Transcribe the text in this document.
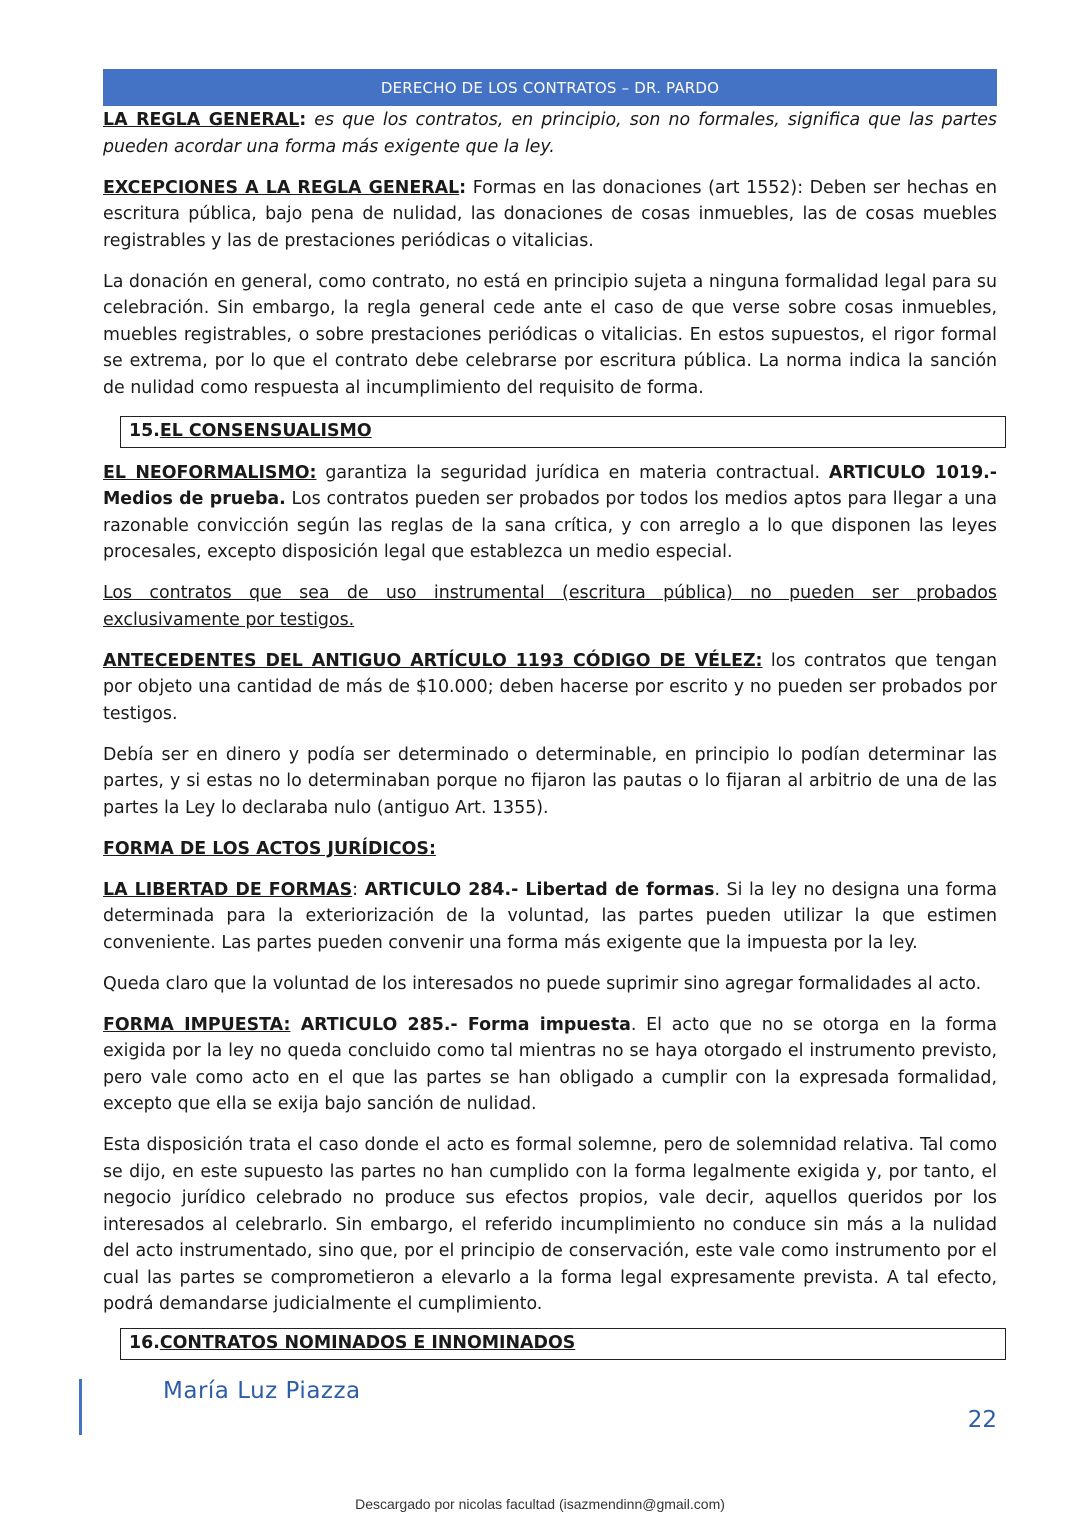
DERECHO DE LOS CONTRATOS – DR. PARDO

LA REGLA GENERAL: es que los contratos, en principio, son no formales, significa que las partes pueden acordar una forma más exigente que la ley.

EXCEPCIONES A LA REGLA GENERAL: Formas en las donaciones (art 1552): Deben ser hechas en escritura pública, bajo pena de nulidad, las donaciones de cosas inmuebles, las de cosas muebles registrables y las de prestaciones periódicas o vitalicias.

La donación en general, como contrato, no está en principio sujeta a ninguna formalidad legal para su celebración. Sin embargo, la regla general cede ante el caso de que verse sobre cosas inmuebles, muebles registrables, o sobre prestaciones periódicas o vitalicias. En estos supuestos, el rigor formal se extrema, por lo que el contrato debe celebrarse por escritura pública. La norma indica la sanción de nulidad como respuesta al incumplimiento del requisito de forma.

15. EL CONSENSUALISMO

EL NEOFORMALISMO: garantiza la seguridad jurídica en materia contractual. ARTICULO 1019.- Medios de prueba. Los contratos pueden ser probados por todos los medios aptos para llegar a una razonable convicción según las reglas de la sana crítica, y con arreglo a lo que disponen las leyes procesales, excepto disposición legal que establezca un medio especial.

Los contratos que sea de uso instrumental (escritura pública) no pueden ser probados exclusivamente por testigos.

ANTECEDENTES DEL ANTIGUO ARTÍCULO 1193 CÓDIGO DE VÉLEZ: los contratos que tengan por objeto una cantidad de más de $10.000; deben hacerse por escrito y no pueden ser probados por testigos.

Debía ser en dinero y podía ser determinado o determinable, en principio lo podían determinar las partes, y si estas no lo determinaban porque no fijaron las pautas o lo fijaran al arbitrio de una de las partes la Ley lo declaraba nulo (antiguo Art. 1355).

FORMA DE LOS ACTOS JURÍDICOS:

LA LIBERTAD DE FORMAS: ARTICULO 284.- Libertad de formas. Si la ley no designa una forma determinada para la exteriorización de la voluntad, las partes pueden utilizar la que estimen conveniente. Las partes pueden convenir una forma más exigente que la impuesta por la ley.

Queda claro que la voluntad de los interesados no puede suprimir sino agregar formalidades al acto.

FORMA IMPUESTA: ARTICULO 285.- Forma impuesta. El acto que no se otorga en la forma exigida por la ley no queda concluido como tal mientras no se haya otorgado el instrumento previsto, pero vale como acto en el que las partes se han obligado a cumplir con la expresada formalidad, excepto que ella se exija bajo sanción de nulidad.

Esta disposición trata el caso donde el acto es formal solemne, pero de solemnidad relativa. Tal como se dijo, en este supuesto las partes no han cumplido con la forma legalmente exigida y, por tanto, el negocio jurídico celebrado no produce sus efectos propios, vale decir, aquellos queridos por los interesados al celebrarlo. Sin embargo, el referido incumplimiento no conduce sin más a la nulidad del acto instrumentado, sino que, por el principio de conservación, este vale como instrumento por el cual las partes se comprometieron a elevarlo a la forma legal expresamente prevista. A tal efecto, podrá demandarse judicialmente el cumplimiento.

16. CONTRATOS NOMINADOS E INNOMINADOS
María Luz Piazza
22
Descargado por nicolas facultad (isazmendinn@gmail.com)
